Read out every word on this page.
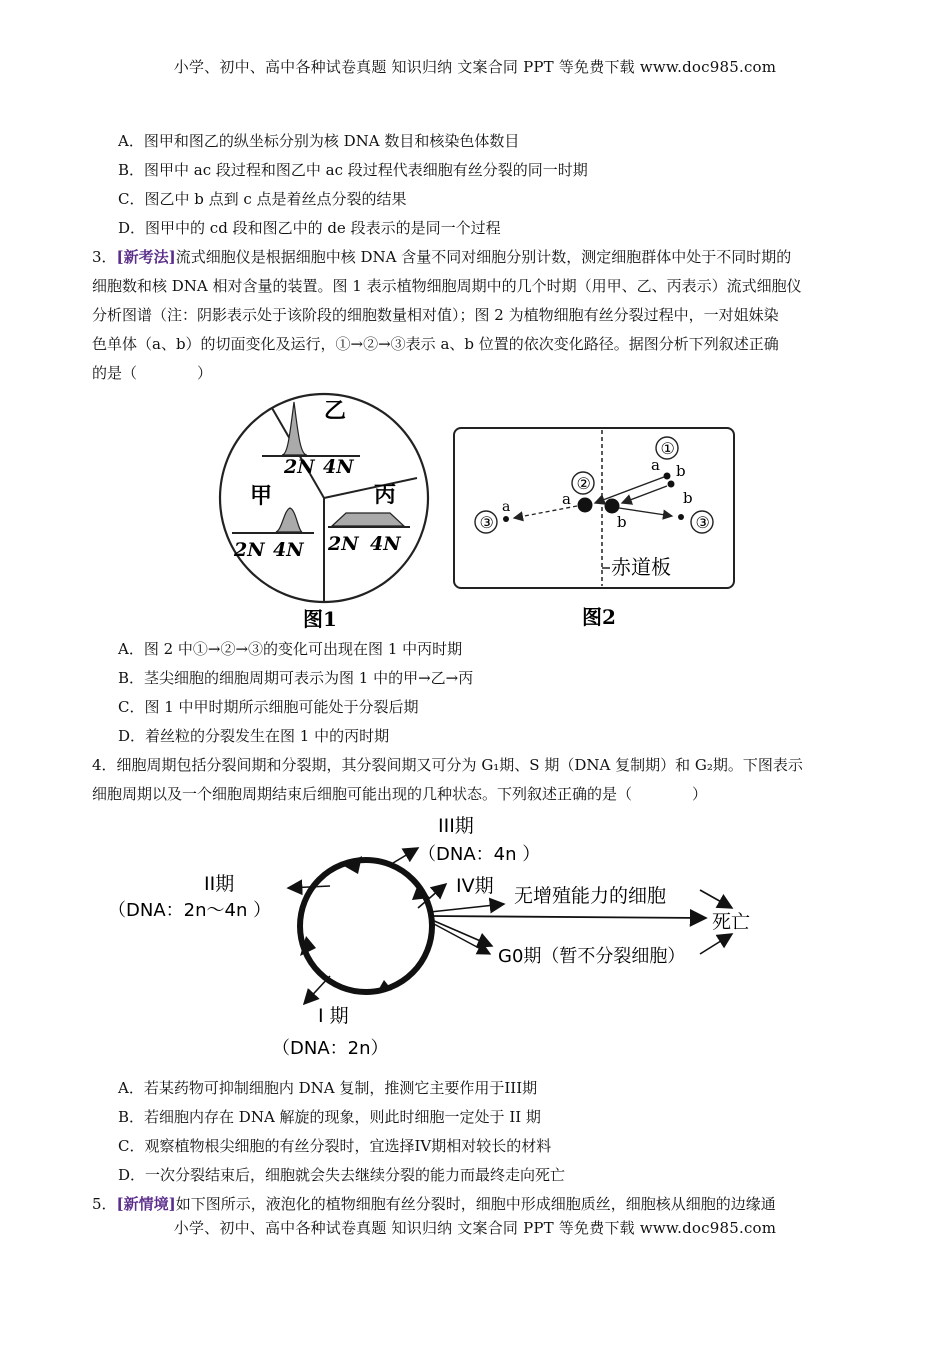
小学、初中、高中各种试卷真题 知识归纳 文案合同 PPT 等免费下载 www.doc985.com
A．图甲和图乙的纵坐标分别为核 DNA 数目和核染色体数目
B．图甲中 ac 段过程和图乙中 ac 段过程代表细胞有丝分裂的同一时期
C．图乙中 b 点到 c 点是着丝点分裂的结果
D．图甲中的 cd 段和图乙中的 de 段表示的是同一个过程
3．[新考法]流式细胞仪是根据细胞中核 DNA 含量不同对细胞分别计数，测定细胞群体中处于不同时期的
细胞数和核 DNA 相对含量的装置。图 1 表示植物细胞周期中的几个时期（用甲、乙、丙表示）流式细胞仪
分析图谱（注：阴影表示处于该阶段的细胞数量相对值）；图 2 为植物细胞有丝分裂过程中，一对姐妹染
色单体（a、b）的切面变化及运行，①→②→③表示 a、b 位置的依次变化路径。据图分析下列叙述正确
的是（　　　　）
乙
2N 4N
甲
2N 4N
丙
2N 4N
图1
赤道板
①
a b
②
a
b
a
③
b
③
图2
A．图 2 中①→②→③的变化可出现在图 1 中丙时期
B．茎尖细胞的细胞周期可表示为图 1 中的甲→乙→丙
C．图 1 中甲时期所示细胞可能处于分裂后期
D．着丝粒的分裂发生在图 1 中的丙时期
4．细胞周期包括分裂间期和分裂期，其分裂间期又可分为 G₁期、S 期（DNA 复制期）和 G₂期。下图表示
细胞周期以及一个细胞周期结束后细胞可能出现的几种状态。下列叙述正确的是（　　　　）
III期
（DNA：4n ）
IV期
II期
（DNA：2n～4n ）
I 期
（DNA：2n）
无增殖能力的细胞
死亡
G0期（暂不分裂细胞）
A．若某药物可抑制细胞内 DNA 复制，推测它主要作用于III期
B．若细胞内存在 DNA 解旋的现象，则此时细胞一定处于 II 期
C．观察植物根尖细胞的有丝分裂时，宜选择IV期相对较长的材料
D．一次分裂结束后，细胞就会失去继续分裂的能力而最终走向死亡
5．[新情境]如下图所示，液泡化的植物细胞有丝分裂时，细胞中形成细胞质丝，细胞核从细胞的边缘通
小学、初中、高中各种试卷真题 知识归纳 文案合同 PPT 等免费下载 www.doc985.com
